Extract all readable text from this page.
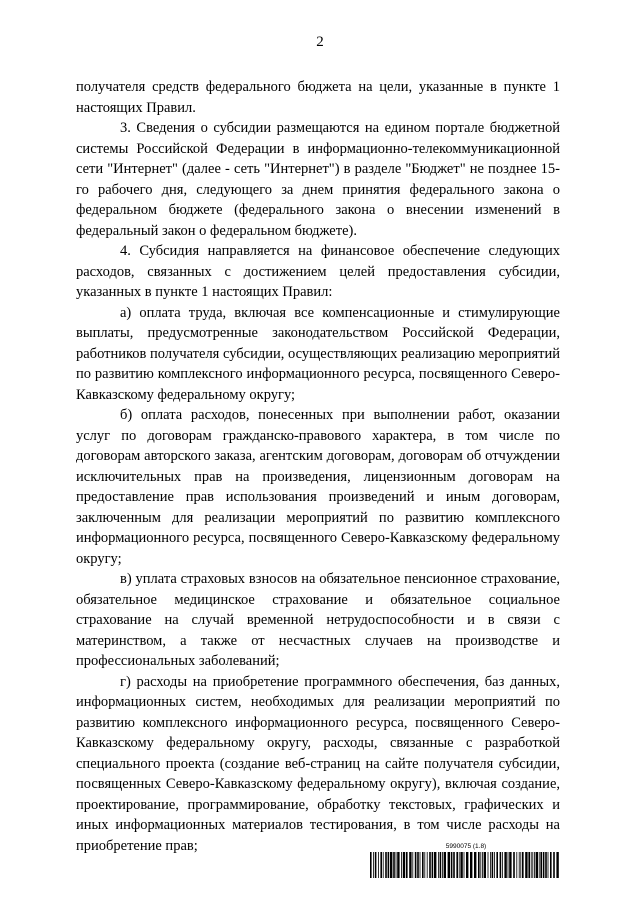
2

получателя средств федерального бюджета на цели, указанные в пункте 1 настоящих Правил.

3. Сведения о субсидии размещаются на едином портале бюджетной системы Российской Федерации в информационно-телекоммуникационной сети "Интернет" (далее - сеть "Интернет") в разделе "Бюджет" не позднее 15-го рабочего дня, следующего за днем принятия федерального закона о федеральном бюджете (федерального закона о внесении изменений в федеральный закон о федеральном бюджете).

4. Субсидия направляется на финансовое обеспечение следующих расходов, связанных с достижением целей предоставления субсидии, указанных в пункте 1 настоящих Правил:

а) оплата труда, включая все компенсационные и стимулирующие выплаты, предусмотренные законодательством Российской Федерации, работников получателя субсидии, осуществляющих реализацию мероприятий по развитию комплексного информационного ресурса, посвященного Северо-Кавказскому федеральному округу;

б) оплата расходов, понесенных при выполнении работ, оказании услуг по договорам гражданско-правового характера, в том числе по договорам авторского заказа, агентским договорам, договорам об отчуждении исключительных прав на произведения, лицензионным договорам на предоставление прав использования произведений и иным договорам, заключенным для реализации мероприятий по развитию комплексного информационного ресурса, посвященного Северо-Кавказскому федеральному округу;

в) уплата страховых взносов на обязательное пенсионное страхование, обязательное медицинское страхование и обязательное социальное страхование на случай временной нетрудоспособности и в связи с материнством, а также от несчастных случаев на производстве и профессиональных заболеваний;

г) расходы на приобретение программного обеспечения, баз данных, информационных систем, необходимых для реализации мероприятий по развитию комплексного информационного ресурса, посвященного Северо-Кавказскому федеральному округу, расходы, связанные с разработкой специального проекта (создание веб-страниц на сайте получателя субсидии, посвященных Северо-Кавказскому федеральному округу), включая создание, проектирование, программирование, обработку текстовых, графических и иных информационных материалов тестирования, в том числе расходы на приобретение прав;	5990075 (1.8)
